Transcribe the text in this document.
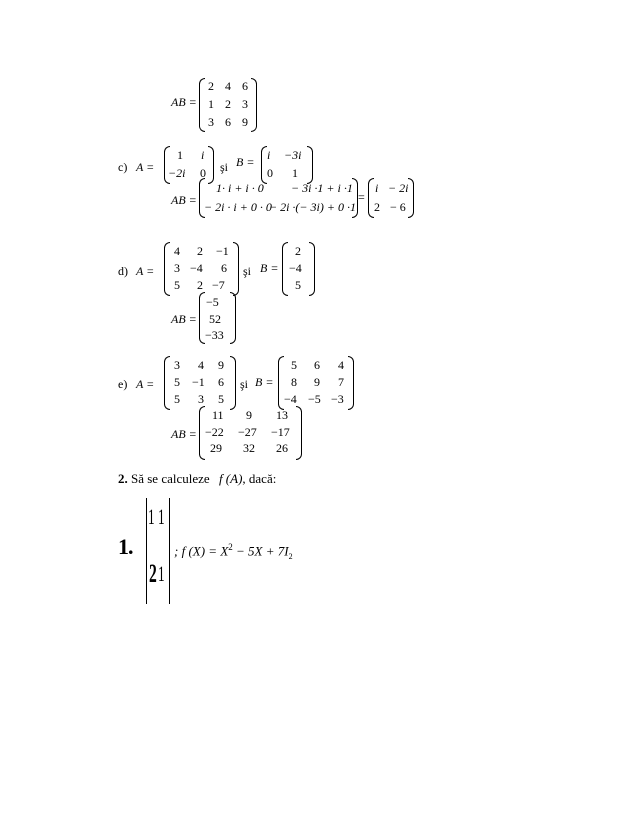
AB =
2 4 6
1 2 3
3 6 9
c) A =
1 i
−2i 0 şi B = i −3i
0 1
AB =
1· i + i · 0 − 3i ·1 + i ·1
− 2i · i + 0 · 0
− 2i ·(− 3i) + 0 ·1
=
i − 2i
2 − 6
d) A =
4 2 −1
3 −4 6
5 2 −7
şi B =
2
−4
5
AB =
−5
52
−33
e) A =
3 4 9
5 −1 6
5 3 5
şi B =
5 6 4
8 9 7
−4 −5 −3
AB =
11 9 13
−22 −27 −17
29 32 26
2. Să se calculeze f (A), dacă:
1.
1 1
2 1
; f $(X) = X^2 - 5X + 7I_2$
